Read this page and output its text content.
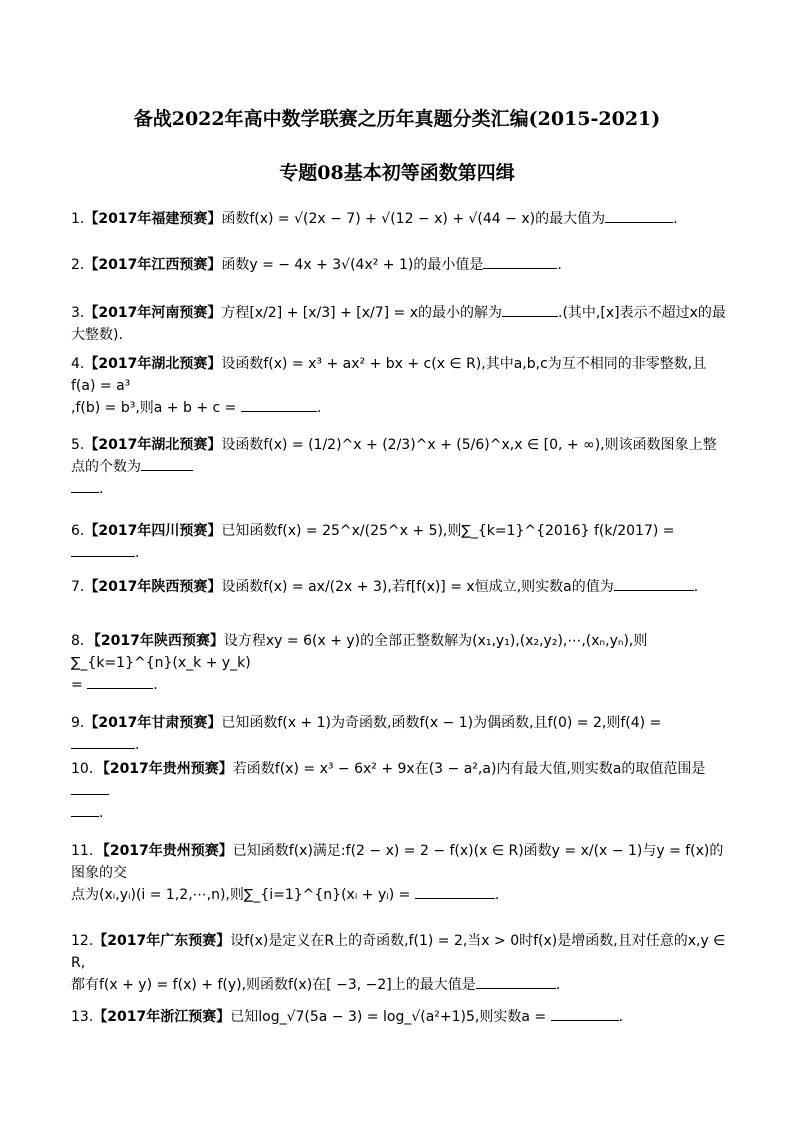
备战2022年高中数学联赛之历年真题分类汇编(2015-2021)
专题08基本初等函数第四缉
1.【2017年福建预赛】函数f(x) = √(2x − 7) + √(12 − x) + √(44 − x)的最大值为	.
2.【2017年江西预赛】函数y = − 4x + 3√(4x² + 1)的最小值是	.
3.【2017年河南预赛】方程[x/2] + [x/3] + [x/7] = x的最小的解为	.(其中,[x]表示不超过x的最大整数).
4.【2017年湖北预赛】设函数f(x) = x³ + ax² + bx + c(x ∈ R),其中a,b,c为互不相同的非零整数,且f(a) = a³
,f(b) = b³,则a + b + c =	.
5.【2017年湖北预赛】设函数f(x) = (1/2)^x + (2/3)^x + (5/6)^x,x ∈ [0, + ∞),则该函数图象上整点的个数为
.
6.【2017年四川预赛】已知函数f(x) = 25^x/(25^x + 5),则∑_{k=1}^{2016} f(k/2017) = .
7.【2017年陕西预赛】设函数f(x) = ax/(2x + 3),若f[f(x)] = x恒成立,则实数a的值为	.
8．【2017年陕西预赛】设方程xy = 6(x + y)的全部正整数解为(x₁,y₁),(x₂,y₂),⋯,(xₙ,yₙ),则∑_{k=1}^{n}(x_k + y_k)
=	.
9.【2017年甘肃预赛】已知函数f(x + 1)为奇函数,函数f(x − 1)为偶函数,且f(0) = 2,则f(4) = .
10．【2017年贵州预赛】若函数f(x) = x³ − 6x² + 9x在(3 − a²,a)内有最大值,则实数a的取值范围是
.
11．【2017年贵州预赛】已知函数f(x)满足:f(2 − x) = 2 − f(x)(x ∈ R)函数y = x/(x − 1)与y = f(x)的图象的交
点为(xᵢ,yᵢ)(i = 1,2,⋯,n),则∑_{i=1}^{n}(xᵢ + yᵢ) =	.
12.【2017年广东预赛】设f(x)是定义在R上的奇函数,f(1) = 2,当x > 0时f(x)是增函数,且对任意的x,y ∈ R,
都有f(x + y) = f(x) + f(y),则函数f(x)在[ −3, −2]上的最大值是	.
13.【2017年浙江预赛】已知log_√7(5a − 3) = log_√(a²+1)5,则实数a =	.
